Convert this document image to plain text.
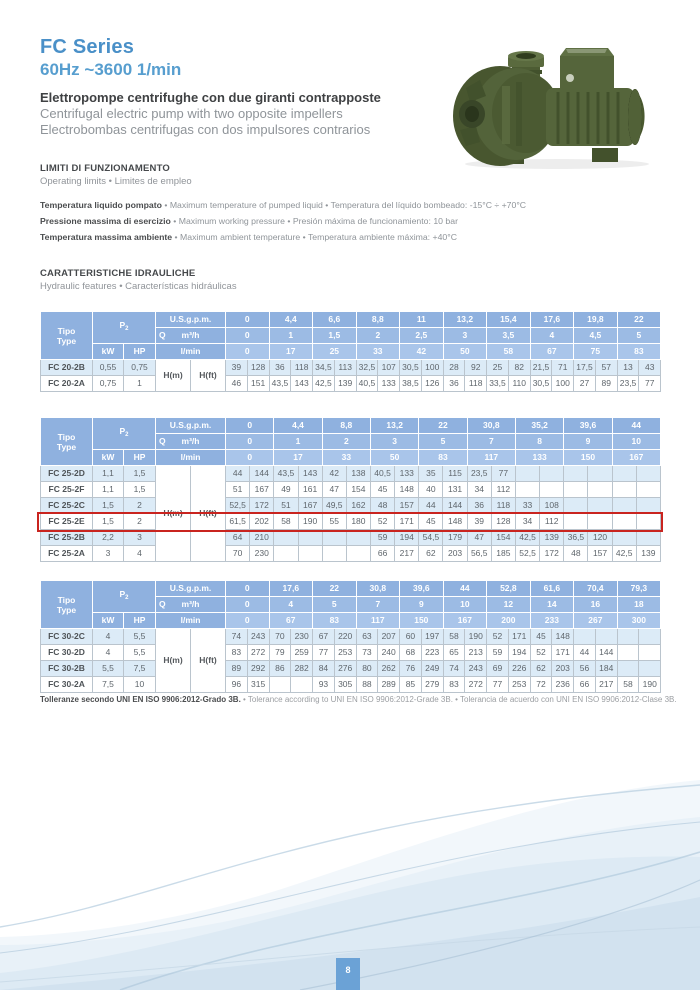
FC Series
60Hz ~3600 1/min
Elettropompe centrifughe con due giranti contrapposte
Centrifugal electric pump with two opposite impellers
Electrobombas centrifugas con dos impulsores contrarios
LIMITI DI FUNZIONAMENTO
Operating limits • Limites de empleo
Temperatura liquido pompato • Maximum temperature of pumped liquid • Temperatura del líquido bombeado: -15°C ÷ +70°C
Pressione massima di esercizio • Maximum working pressure • Presión máxima de funcionamiento: 10 bar
Temperatura massima ambiente • Maximum ambient temperature • Temperatura ambiente máxima: +40°C
CARATTERISTICHE IDRAULICHE
Hydraulic features • Características hidráulicas
Tipo
Type	$P_2$		U.S.g.p.m.		0		4,4		6,6		8,8		11		13,2		15,4		17,6		19,8		22	

			Q m³/h		0		1		1,5		2		2,5		3		3,5		4		4,5		5	
	kW	HP	l/min		0		17		25		33		42		50		58		67		75		83	
FC 20-2B	0,55	0,75	H(m)	H(ft)	39	128	36	118	34,5	113	32,5	107	30,5	100	28	92	25	82	21,5	71	17,5	57	13	43
FC 20-2A	0,75	1			46	151	43,5	143	42,5	139	40,5	133	38,5	126	36	118	33,5	110	30,5	100	27	89	23,5	77
Tipo
Type	$P_2$		U.S.g.p.m.		0		4,4		8,8		13,2		22		30,8		35,2		39,6		44	

			Q m³/h		0		1		2		3		5		7		8		9		10	
	kW	HP	l/min		0		17		33		50		83		117		133		150		167	
FC 25-2D	1,1	1,5	H(m)	H(ft)	44	144	43,5	143	42	138	40,5	133	35	115	23,5	77						
FC 25-2F	1,1	1,5			51	167	49	161	47	154	45	148	40	131	34	112						
FC 25-2C	1,5	2			52,5	172	51	167	49,5	162	48	157	44	144	36	118	33	108				
FC 25-2E	1,5	2			61,5	202	58	190	55	180	52	171	45	148	39	128	34	112				
FC 25-2B	2,2	3			64	210					59	194	54,5	179	47	154	42,5	139	36,5	120		
FC 25-2A	3	4			70	230					66	217	62	203	56,5	185	52,5	172	48	157	42,5	139
Tipo
Type	$P_2$		U.S.g.p.m.		0		17,6		22		30,8		39,6		44		52,8		61,6		70,4		79,3	

			Q m³/h		0		4		5		7		9		10		12		14		16		18	
	kW	HP	l/min		0		67		83		117		150		167		200		233		267		300	
FC 30-2C	4	5,5	H(m)	H(ft)	74	243	70	230	67	220	63	207	60	197	58	190	52	171	45	148				
FC 30-2D	4	5,5			83	272	79	259	77	253	73	240	68	223	65	213	59	194	52	171	44	144		
FC 30-2B	5,5	7,5			89	292	86	282	84	276	80	262	76	249	74	243	69	226	62	203	56	184		
FC 30-2A	7,5	10			96	315			93	305	88	289	85	279	83	272	77	253	72	236	66	217	58	190
Tolleranze secondo UNI EN ISO 9906:2012-Grado 3B. • Tolerance according to UNI EN ISO 9906:2012-Grade 3B. • Tolerancia de acuerdo con UNI EN ISO 9906:2012-Clase 3B.
8
